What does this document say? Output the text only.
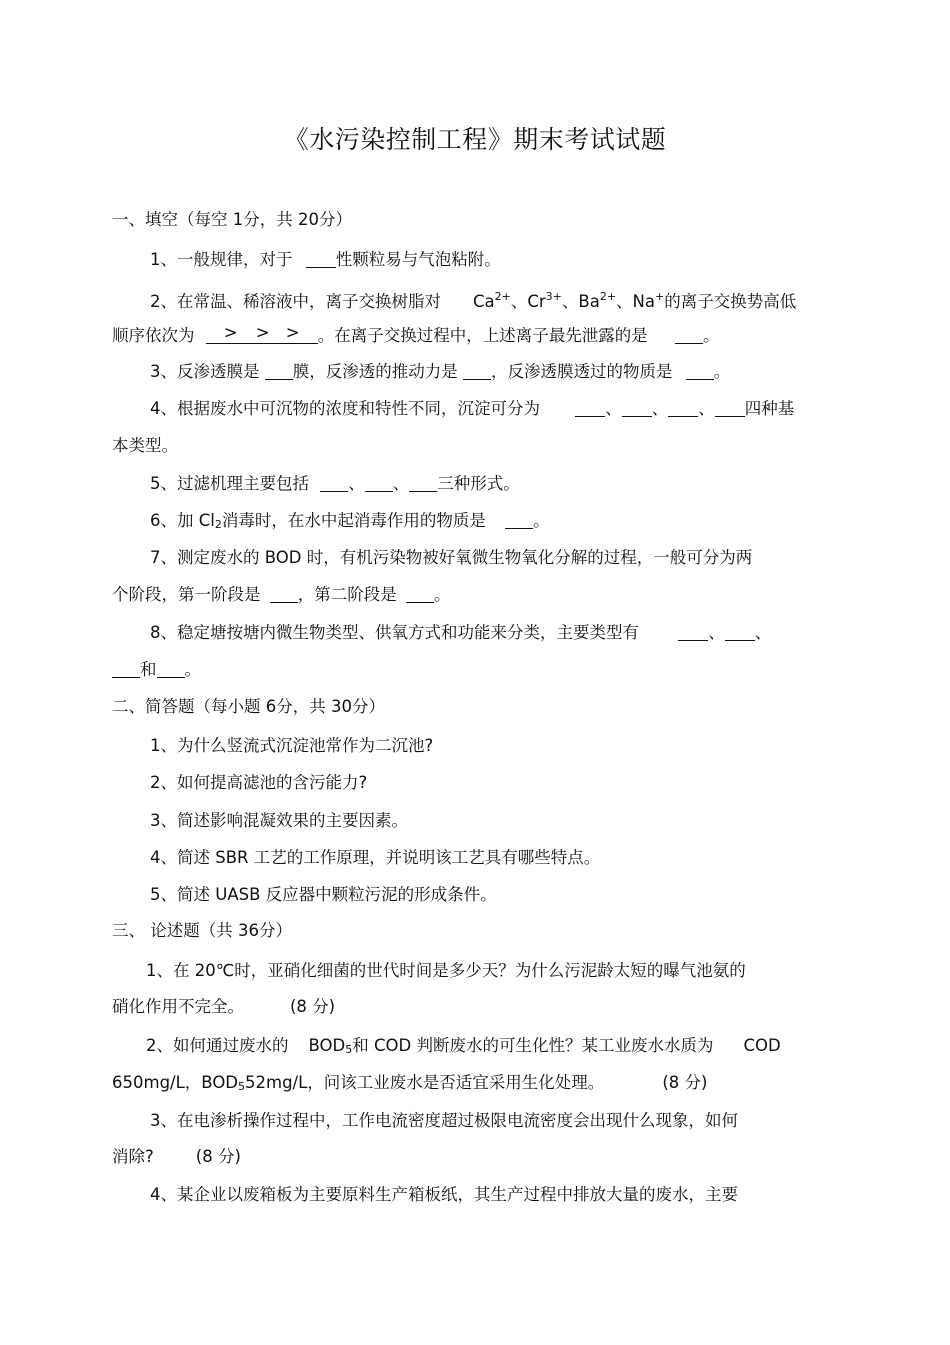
《水污染控制工程》期末考试试题
一、填空（每空 1分，共 20分）
1、一般规律，对于	性颗粒易与气泡粘附。
2、在常温、稀溶液中，离子交换树脂对 $Ca^{2+}$、$Cr^{3+}$、$Ba^{2+}$、Na+的离子交换势高低
顺序依次为 > > > 。在离子交换过程中，上述离子最先泄露的是	。
3、反渗透膜是 膜，反渗透的推动力是 ，反渗透膜透过的物质是	。
4、根据废水中可沉物的浓度和特性不同，沉淀可分为	、 、 、 四种基
本类型。
5、过滤机理主要包括 、 、 三种形式。
6、加 Cl2消毒时，在水中起消毒作用的物质是	。
7、测定废水的 BOD 时，有机污染物被好氧微生物氧化分解的过程，一般可分为两
个阶段，第一阶段是 ，第二阶段是 。
8、稳定塘按塘内微生物类型、供氧方式和功能来分类，主要类型有	、 、
和 。
二、简答题（每小题 6分，共 30分）
1、为什么竖流式沉淀池常作为二沉池?
2、如何提高滤池的含污能力?
3、简述影响混凝效果的主要因素。
4、简述 SBR 工艺的工作原理，并说明该工艺具有哪些特点。
5、简述 UASB 反应器中颗粒污泥的形成条件。
三、 论述题（共 36分）
1、在 20℃时，亚硝化细菌的世代时间是多少天？为什么污泥龄太短的曝气池氨的
硝化作用不完全。	(8 分)
2、如何通过废水的 BOD5和 COD 判断废水的可生化性？某工业废水水质为 COD
650mg/L，BOD552mg/L，问该工业废水是否适宜采用生化处理。	(8 分)
3、在电渗析操作过程中，工作电流密度超过极限电流密度会出现什么现象，如何
消除?	(8 分)
4、某企业以废箱板为主要原料生产箱板纸，其生产过程中排放大量的废水，主要
